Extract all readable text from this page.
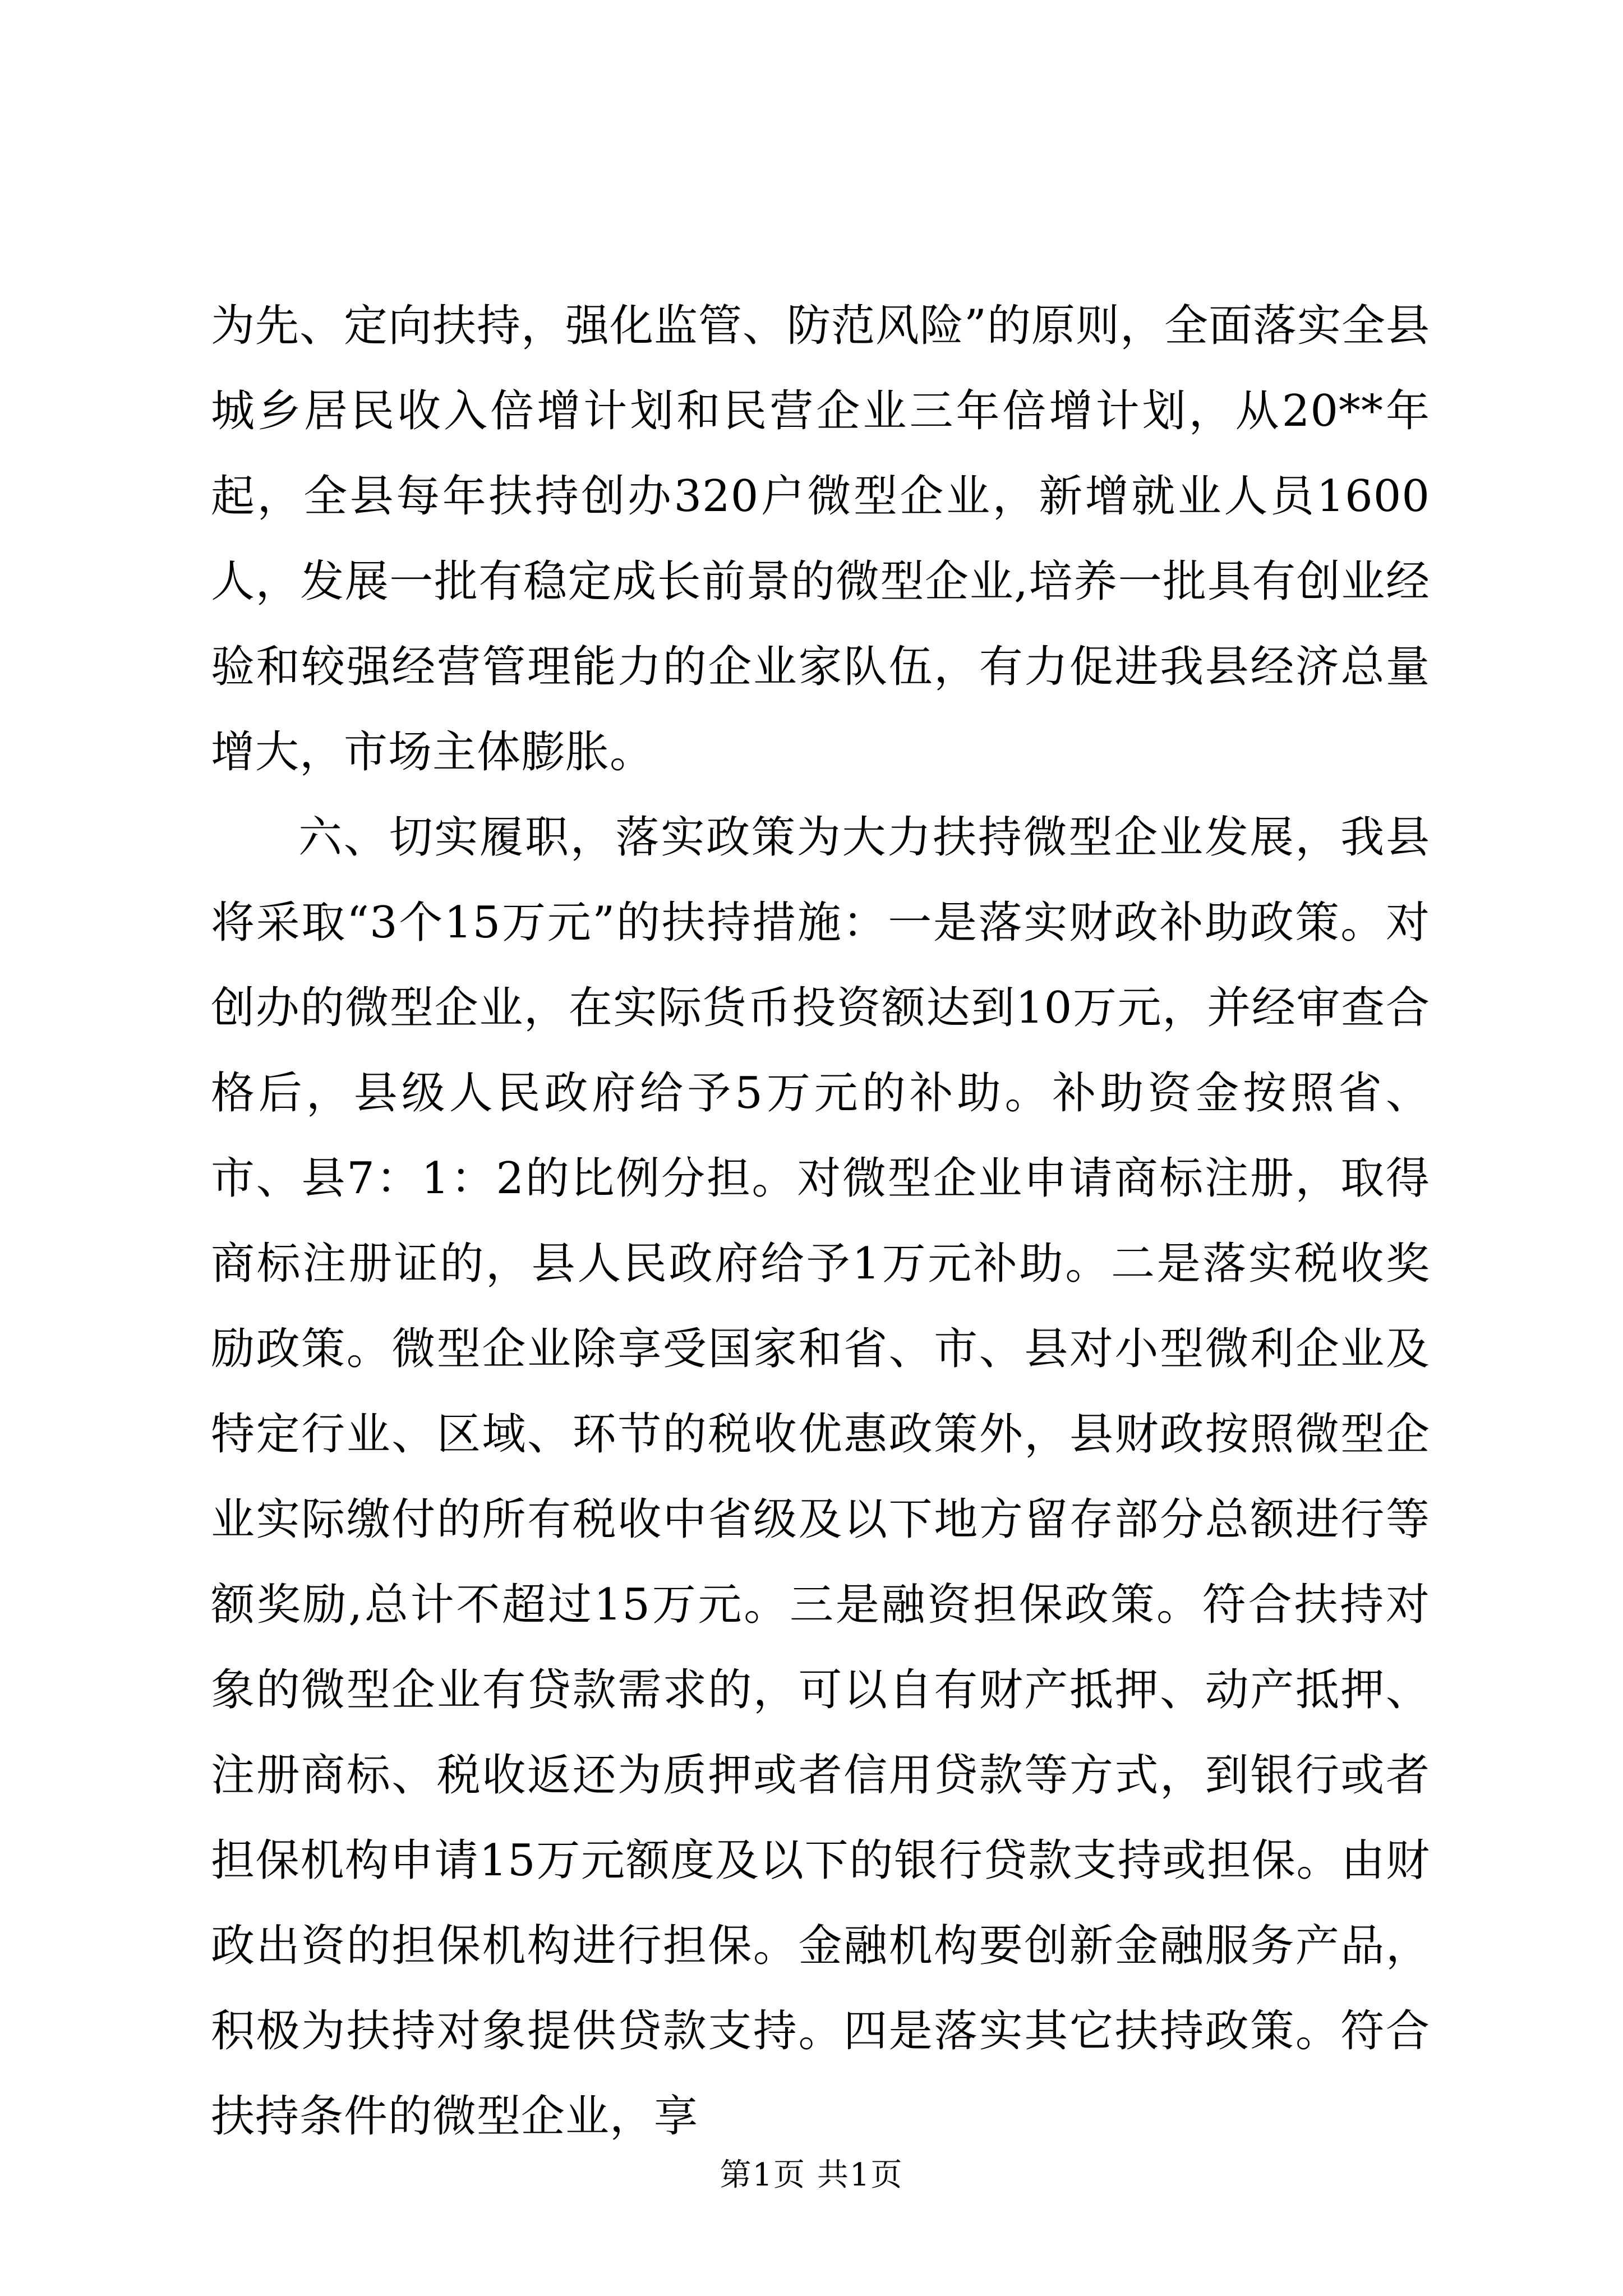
为先、定向扶持，强化监管、防范风险”的原则，全面落实全县城乡居民收入倍增计划和民营企业三年倍增计划，从20**年起，全县每年扶持创办320户微型企业，新增就业人员1600人，发展一批有稳定成长前景的微型企业,培养一批具有创业经验和较强经营管理能力的企业家队伍，有力促进我县经济总量增大，市场主体膨胀。

六、切实履职，落实政策为大力扶持微型企业发展，我县将采取“3个15万元”的扶持措施：一是落实财政补助政策。对创办的微型企业，在实际货币投资额达到10万元，并经审查合格后，县级人民政府给予5万元的补助。补助资金按照省、市、县7：1：2的比例分担。对微型企业申请商标注册，取得商标注册证的，县人民政府给予1万元补助。二是落实税收奖励政策。微型企业除享受国家和省、市、县对小型微利企业及特定行业、区域、环节的税收优惠政策外，县财政按照微型企业实际缴付的所有税收中省级及以下地方留存部分总额进行等额奖励,总计不超过15万元。三是融资担保政策。符合扶持对象的微型企业有贷款需求的，可以自有财产抵押、动产抵押、注册商标、税收返还为质押或者信用贷款等方式，到银行或者担保机构申请15万元额度及以下的银行贷款支持或担保。由财政出资的担保机构进行担保。金融机构要创新金融服务产品，积极为扶持对象提供贷款支持。四是落实其它扶持政策。符合扶持条件的微型企业，享

第1页 共1页
